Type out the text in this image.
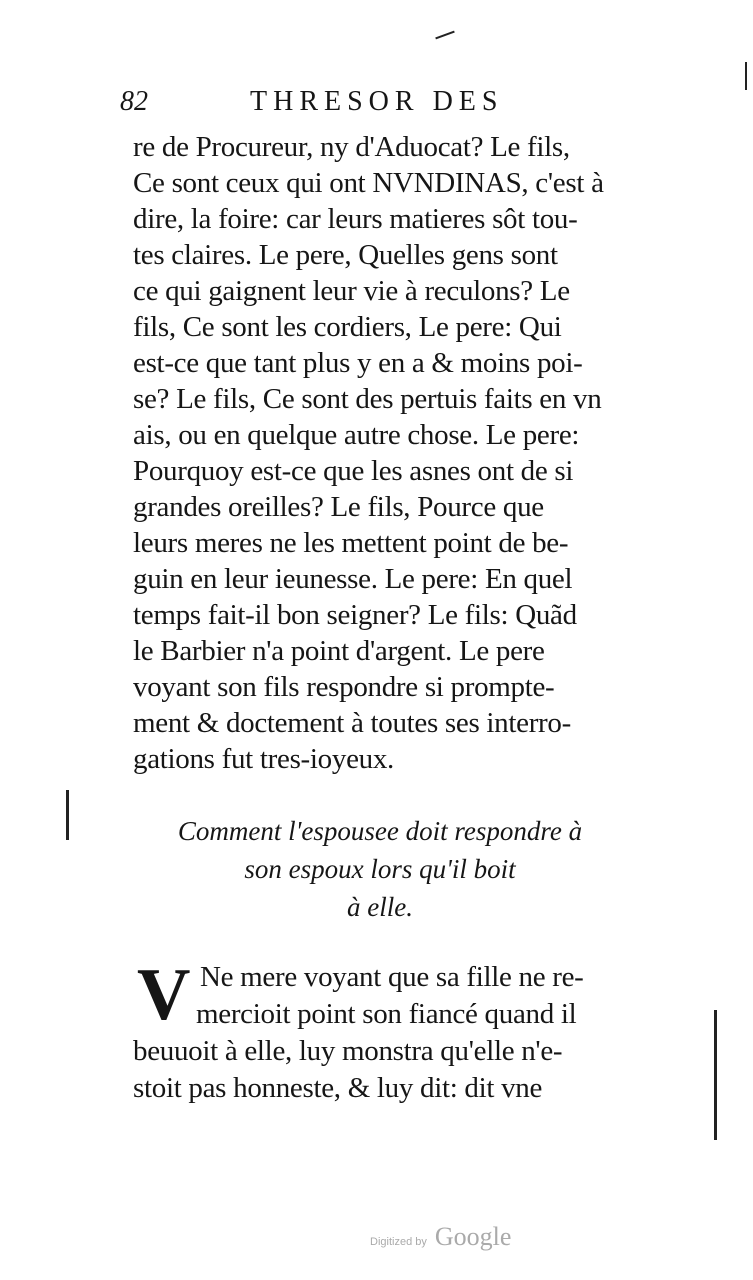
82	THRESOR DES
re de Procureur, ny d'Aduocat? Le fils,
Ce sont ceux qui ont NVNDINAS, c'est à
dire, la foire: car leurs matieres sôt tou-
tes claires. Le pere, Quelles gens sont
ce qui gaignent leur vie à reculons? Le
fils, Ce sont les cordiers, Le pere: Qui
est-ce que tant plus y en a & moins poi-
se? Le fils, Ce sont des pertuis faits en vn
ais, ou en quelque autre chose. Le pere:
Pourquoy est-ce que les asnes ont de si
grandes oreilles? Le fils, Pource que
leurs meres ne les mettent point de be-
guin en leur ieunesse. Le pere: En quel
temps fait-il bon seigner? Le fils: Quãd
le Barbier n'a point d'argent. Le pere
voyant son fils respondre si prompte-
ment & doctement à toutes ses interro-
gations fut tres-ioyeux.
Comment l'espousee doit respondre à
son espoux lors qu'il boit
à elle.
V Ne mere voyant que sa fille ne re-
mercioit point son fiancé quand il
beuuoit à elle, luy monstra qu'elle n'e-
stoit pas honneste, & luy dit: dit vne
Digitized by Google
